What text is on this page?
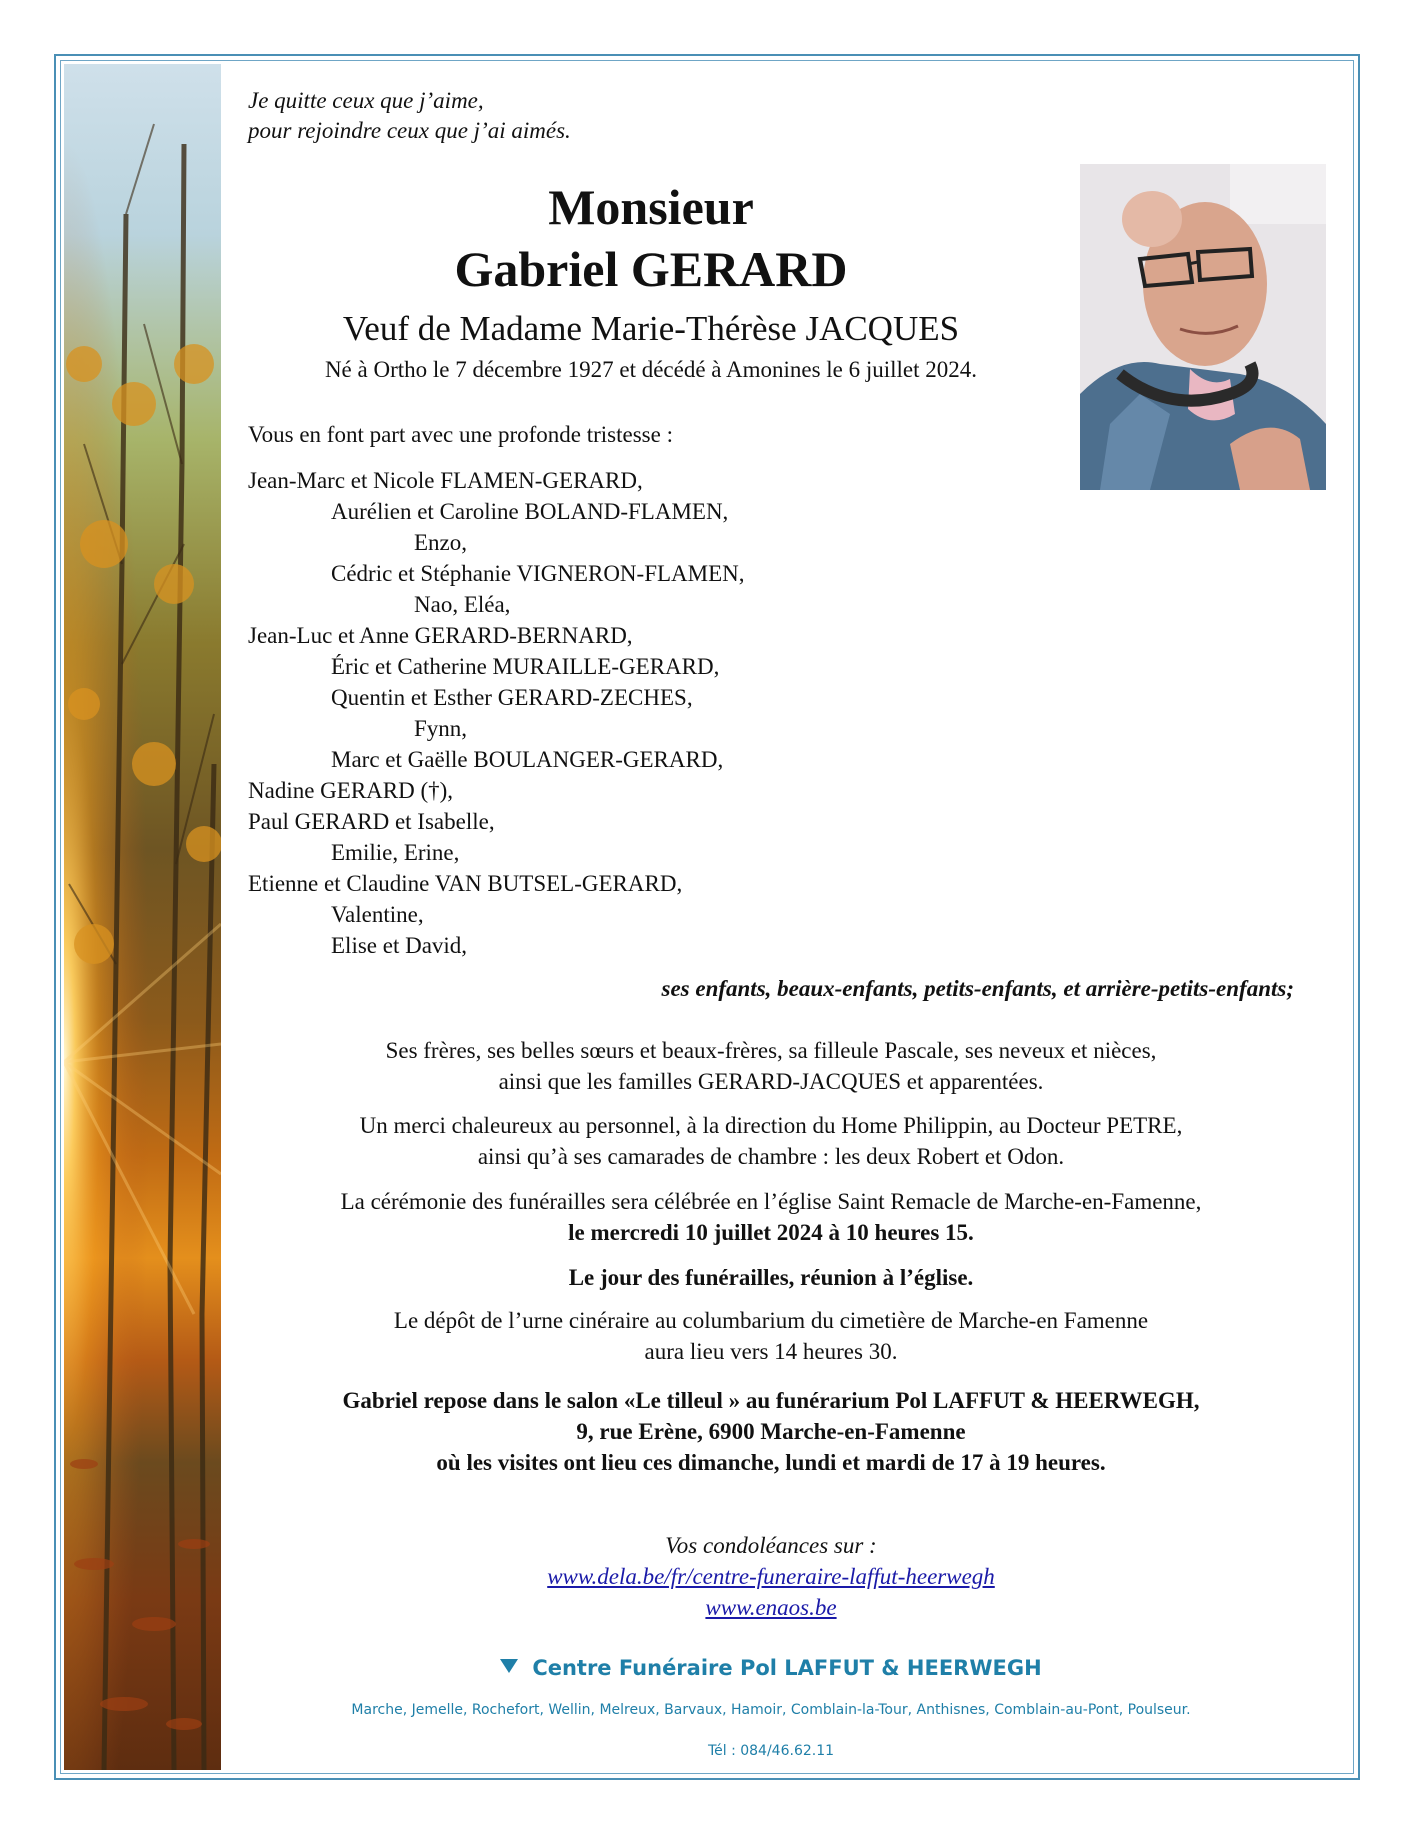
Je quitte ceux que j’aime,
pour rejoindre ceux que j’ai aimés.
Monsieur
Gabriel GERARD
Veuf de Madame Marie-Thérèse JACQUES
Né à Ortho le 7 décembre 1927 et décédé à Amonines le 6 juillet 2024.
Vous en font part avec une profonde tristesse :
Jean-Marc et Nicole FLAMEN-GERARD,
Aurélien et Caroline BOLAND-FLAMEN,
Enzo,
Cédric et Stéphanie VIGNERON-FLAMEN,
Nao, Eléa,
Jean-Luc et Anne GERARD-BERNARD,
Éric et Catherine MURAILLE-GERARD,
Quentin et Esther GERARD-ZECHES,
Fynn,
Marc et Gaëlle BOULANGER-GERARD,
Nadine GERARD (†),
Paul GERARD et Isabelle,
Emilie, Erine,
Etienne et Claudine VAN BUTSEL-GERARD,
Valentine,
Elise et David,
ses enfants, beaux-enfants, petits-enfants, et arrière-petits-enfants;
Ses frères, ses belles sœurs et beaux-frères, sa filleule Pascale, ses neveux et nièces,
ainsi que les familles GERARD-JACQUES et apparentées.
Un merci chaleureux au personnel, à la direction du Home Philippin, au Docteur PETRE,
ainsi qu’à ses camarades de chambre : les deux Robert et Odon.
La cérémonie des funérailles sera célébrée en l’église Saint Remacle de Marche-en-Famenne,
le mercredi 10 juillet 2024 à 10 heures 15.
Le jour des funérailles, réunion à l’église.
Le dépôt de l’urne cinéraire au columbarium du cimetière de Marche-en Famenne
aura lieu vers 14 heures 30.
Gabriel repose dans le salon «Le tilleul » au funérarium Pol LAFFUT & HEERWEGH,
9, rue Erène, 6900 Marche-en-Famenne
où les visites ont lieu ces dimanche, lundi et mardi de 17 à 19 heures.
Vos condoléances sur :
www.dela.be/fr/centre-funeraire-laffut-heerwegh
www.enaos.be
Centre Funéraire Pol LAFFUT & HEERWEGH
Marche, Jemelle, Rochefort, Wellin, Melreux, Barvaux, Hamoir, Comblain-la-Tour, Anthisnes, Comblain-au-Pont, Poulseur.
Tél : 084/46.62.11
